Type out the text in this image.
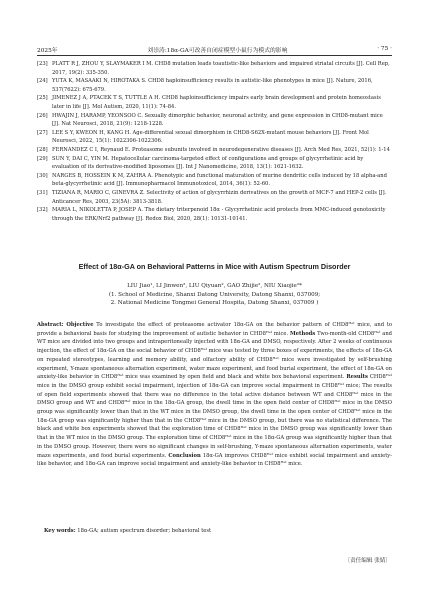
2025年	刘崇涛:18α-GA可改善自闭症模型小鼠行为模式的影响	· 75 ·
[23] PLATT R J, ZHOU Y, SLAYMAKER I M. CHD8 mutation leads toautistic-like behaviors and impaired striatal circuits [J]. Cell Rep, 2017, 19(2): 335-350.
[24] YUTA K, MASAAKI N, HIROTAKA S. CHD8 haploinsufficiency results in autistic-like phenotypes in mice [J]. Nature, 2016, 537(7622): 675-679.
[25] JIMENEZ J A, PTACEK T S, TUTTLE A H. CHD8 haploinsufficiency impairs early brain development and protein homeostasis later in life [J]. Mol Autism, 2020, 11(1): 74-84.
[26] HWAJIN J, HARAMP, YEONSOO C. Sexually dimorphic behavior, neuronal activity, and gene expression in CHD8-mutant mice [J]. Nat Neurosci, 2018, 21(9): 1218-1228.
[27] LEE S Y, KWEON H, KANG H. Age-differential sexual dimorphism in CHD8-S62X-mutant mouse behaviors [J]. Front Mol Neurosci, 2022, 15(1): 1022306-1022306.
[28] FERNANDEZ C I, Reynaud E. Proteasome subunits involved in neurodegenerative diseases [J]. Arch Med Res, 2021, 52(1): 1-14
[29] SUN Y, DAI C, YIN M. Hepatocellular carcinoma-targeted effect of configurations and groups of glycyrrhetinic acid by evaluation of its derivative-modified liposomes [J]. Int J Nanomedicine, 2018, 13(1): 1621-1632.
[30] NARGES B, HOSSEIN K M, ZAHRA A. Phenotypic and functional maturation of murine dendritic cells induced by 18 alpha-and beta-glycyrrhetinic acid [J]. Immunopharmacol Immunotoxicol, 2014, 36(1): 52-60.
[31] TIZIANA R, MARIO C, GINEVRA Z. Selectivity of action of glycyrrhizin derivatives on the growth of MCF-7 and HEP-2 cells [J]. Anticancer Res, 2003, 23(5A): 3813-3818.
[32] MARIA L, NIKOLETTA P, JOSEP A. The dietary triterpenoid 18α - Glycyrrhetinic acid protects from MMC-induced genotoxicity through the ERK/Nrf2 pathway [J]. Redox Biol, 2020, 28(1): 10131-10141.
Effect of 18α-GA on Behavioral Patterns in Mice with Autism Spectrum Disorder
LIU Jiao¹, LI Jinwen², LIU Qiyuan², GAO Zhijie², NIU Xiaojie²*
(1. School of Medicine, Shanxi Datong University, Datong Shanxi, 037009;
2. National Medicine Tongmei General Hospita, Datong Shanxi, 037009 )
Abstract: Objective To investigate the effect of proteasome activator 18α-GA on the behavior pattern of CHD8ᴴᵉᵗ mice, and to provide a behavioral basis for studying the improvement of autistic behavior in CHD8ᴴᵉᵗ mice. Methods Two-month-old CHD8ᴴᵉᵗ and WT mice are divided into two groups and intraperitoneally injected with 18α-GA and DMSO, respectively. After 2 weeks of continuous injection, the effect of 18α-GA on the social behavior of CHD8ᴴᵉᵗ mice was tested by three boxes of experiments, the effects of 18α-GA on repeated stereotypes, learning and memory ability, and olfactory ability of CHD8ᴴᵉᵗ mice were investigated by self-brushing experiment, Y-maze spontaneous alternation experiment, water maze experiment, and food burial experiment, the effect of 18α-GA on anxiety-like behavior in CHD8ᴴᵉᵗ mice was examined by open field and black and white box behavioral experiment. Results CHD8ᴴᵉᵗ mice in the DMSO group exhibit social impairment, injection of 18α-GA can improve social impairment in CHD8ᴴᵉᵗ mice; The results of open field experiments showed that there was no difference in the total active distance between WT and CHD8ᴴᵉᵗ mice in the DMSO group and WT and CHD8ᴴᵉᵗ mice in the 18α-GA group, the dwell time in the open field center of CHD8ᴴᵉᵗ mice in the DMSO group was significantly lower than that in the WT mice in the DMSO group, the dwell time in the open center of CHD8ᴴᵉᵗ mice in the 18α-GA group was significantly higher than that in the CHD8ᴴᵉᵗ mice in the DMSO group, but there was no statistical difference. The black and white box experiments showed that the exploration time of CHD8ᴴᵉᵗ mice in the DMSO group was significantly lower than that in the WT mice in the DMSO group. The exploration time of CHD8ᴴᵉᵗ mice in the 18α-GA group was significantly higher than that in the DMSO group. However, there were no significant changes in self-brushing, Y-maze spontaneous alternation experiments, water maze experiments, and food burial experiments. Conclusion 18α-GA improves CHD8ᴴᵉᵗ mice exhibit social impairment and anxiety-like behavior, and 18α-GA can improve social impairment and anxiety-like behavior in CHD8ᴴᵉᵗ mice.
Key words: 18α-GA; autism spectrum disorder; behavioral test
〔责任编辑 张婧〕
